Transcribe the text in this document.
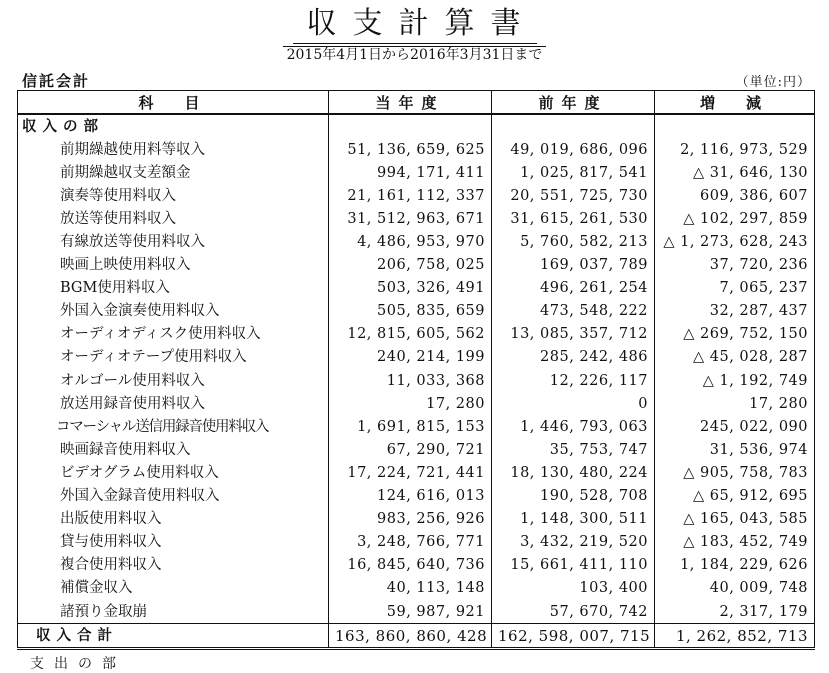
収支計算書
2015年4月1日から2016年3月31日まで
信託会計	（単位:円）
科　目	当年度	前年度	増　減
収入の部			
前期繰越使用料等収入	51, 136, 659, 625	49, 019, 686, 096	2, 116, 973, 529
前期繰越収支差額金	994, 171, 411	1, 025, 817, 541	△ 31, 646, 130
演奏等使用料収入	21, 161, 112, 337	20, 551, 725, 730	609, 386, 607
放送等使用料収入	31, 512, 963, 671	31, 615, 261, 530	△ 102, 297, 859
有線放送等使用料収入	4, 486, 953, 970	5, 760, 582, 213	△ 1, 273, 628, 243
映画上映使用料収入	206, 758, 025	169, 037, 789	37, 720, 236
BGM使用料収入	503, 326, 491	496, 261, 254	7, 065, 237
外国入金演奏使用料収入	505, 835, 659	473, 548, 222	32, 287, 437
オーディオディスク使用料収入	12, 815, 605, 562	13, 085, 357, 712	△ 269, 752, 150
オーディオテープ使用料収入	240, 214, 199	285, 242, 486	△ 45, 028, 287
オルゴール使用料収入	11, 033, 368	12, 226, 117	△ 1, 192, 749
放送用録音使用料収入	17, 280	0	17, 280
コマーシャル送信用録音使用料収入	1, 691, 815, 153	1, 446, 793, 063	245, 022, 090
映画録音使用料収入	67, 290, 721	35, 753, 747	31, 536, 974
ビデオグラム使用料収入	17, 224, 721, 441	18, 130, 480, 224	△ 905, 758, 783
外国入金録音使用料収入	124, 616, 013	190, 528, 708	△ 65, 912, 695
出版使用料収入	983, 256, 926	1, 148, 300, 511	△ 165, 043, 585
貸与使用料収入	3, 248, 766, 771	3, 432, 219, 520	△ 183, 452, 749
複合使用料収入	16, 845, 640, 736	15, 661, 411, 110	1, 184, 229, 626
補償金収入	40, 113, 148	103, 400	40, 009, 748
諸預り金取崩	59, 987, 921	57, 670, 742	2, 317, 179
収入合計	163, 860, 860, 428	162, 598, 007, 715	1, 262, 852, 713
支出の部
